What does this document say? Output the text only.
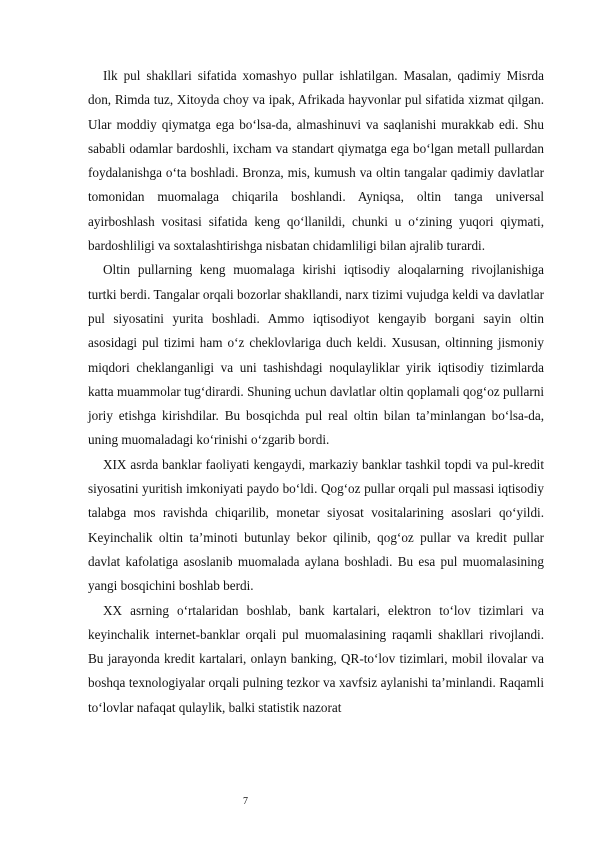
Ilk pul shakllari sifatida xomashyo pullar ishlatilgan. Masalan, qadimiy Misrda don, Rimda tuz, Xitoyda choy va ipak, Afrikada hayvonlar pul sifatida xizmat qilgan. Ular moddiy qiymatga ega bo‘lsa-da, almashinuvi va saqlanishi murakkab edi. Shu sababli odamlar bardoshli, ixcham va standart qiymatga ega bo‘lgan metall pullardan foydalanishga o‘ta boshladi. Bronza, mis, kumush va oltin tangalar qadimiy davlatlar tomonidan muomalaga chiqarila boshlandi. Ayniqsa, oltin tanga universal ayirboshlash vositasi sifatida keng qo‘llanildi, chunki u o‘zining yuqori qiymati, bardoshliligi va soxtalashtirishga nisbatan chidamliligi bilan ajralib turardi.

Oltin pullarning keng muomalaga kirishi iqtisodiy aloqalarning rivojlanishiga turtki berdi. Tangalar orqali bozorlar shakllandi, narx tizimi vujudga keldi va davlatlar pul siyosatini yurita boshladi. Ammo iqtisodiyot kengayib borgani sayin oltin asosidagi pul tizimi ham o‘z cheklovlariga duch keldi. Xususan, oltinning jismoniy miqdori cheklanganligi va uni tashishdagi noqulayliklar yirik iqtisodiy tizimlarda katta muammolar tug‘dirardi. Shuning uchun davlatlar oltin qoplamali qog‘oz pullarni joriy etishga kirishdilar. Bu bosqichda pul real oltin bilan ta’minlangan bo‘lsa-da, uning muomaladagi ko‘rinishi o‘zgarib bordi.

XIX asrda banklar faoliyati kengaydi, markaziy banklar tashkil topdi va pul-kredit siyosatini yuritish imkoniyati paydo bo‘ldi. Qog‘oz pullar orqali pul massasi iqtisodiy talabga mos ravishda chiqarilib, monetar siyosat vositalarining asoslari qo‘yildi. Keyinchalik oltin ta’minoti butunlay bekor qilinib, qog‘oz pullar va kredit pullar davlat kafolatiga asoslanib muomalada aylana boshladi. Bu esa pul muomalasining yangi bosqichini boshlab berdi.

XX asrning o‘rtalaridan boshlab, bank kartalari, elektron to‘lov tizimlari va keyinchalik internet-banklar orqali pul muomalasining raqamli shakllari rivojlandi. Bu jarayonda kredit kartalari, onlayn banking, QR-to‘lov tizimlari, mobil ilovalar va boshqa texnologiyalar orqali pulning tezkor va xavfsiz aylanishi ta’minlandi. Raqamli to‘lovlar nafaqat qulaylik, balki statistik nazorat

7
